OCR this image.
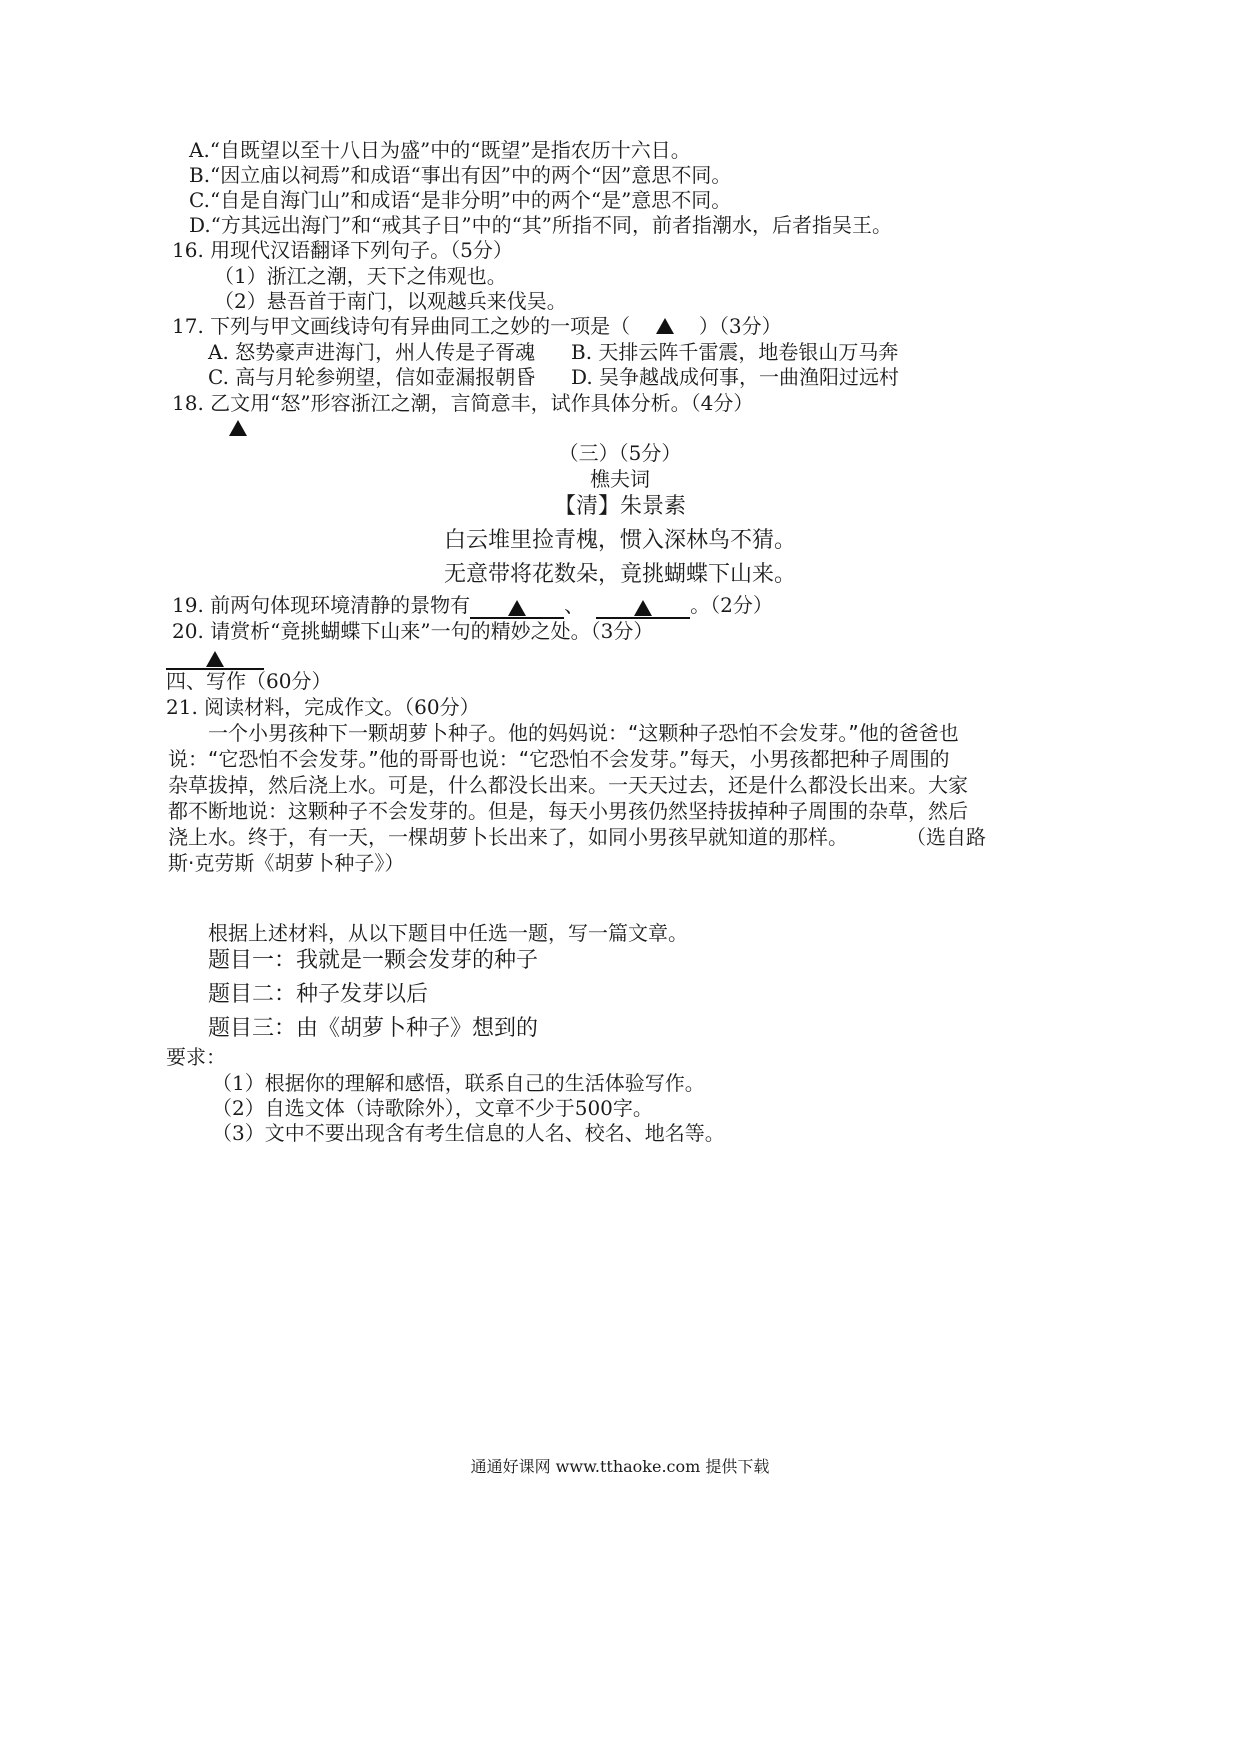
A.“自既望以至十八日为盛”中的“既望”是指农历十六日。
B.“因立庙以祠焉”和成语“事出有因”中的两个“因”意思不同。
C.“自是自海门山”和成语“是非分明”中的两个“是”意思不同。
D.“方其远出海门”和“戒其子日”中的“其”所指不同，前者指潮水，后者指吴王。
16. 用现代汉语翻译下列句子。（5分）
（1）浙江之潮，天下之伟观也。
（2）悬吾首于南门，以观越兵来伐吴。
17. 下列与甲文画线诗句有异曲同工之妙的一项是（	）（3分）
A. 怒势豪声进海门，州人传是子胥魂 B. 天排云阵千雷震，地卷银山万马奔
C. 高与月轮参朔望，信如壶漏报朝昏 D. 吴争越战成何事，一曲渔阳过远村
18. 乙文用“怒”形容浙江之潮，言简意丰，试作具体分析。（4分）
（三）（5分）
樵夫词
【清】朱景素
白云堆里捡青槐，惯入深林鸟不猜。
无意带将花数朵，竟挑蝴蝶下山来。
19. 前两句体现环境清静的景物有	、	。（2分）
20. 请赏析“竟挑蝴蝶下山来”一句的精妙之处。（3分）
四、写作（60分）
21. 阅读材料，完成作文。（60分）
一个小男孩种下一颗胡萝卜种子。他的妈妈说：“这颗种子恐怕不会发芽。”他的爸爸也
说：“它恐怕不会发芽。”他的哥哥也说：“它恐怕不会发芽。”每天，小男孩都把种子周围的
杂草拔掉，然后浇上水。可是，什么都没长出来。一天天过去，还是什么都没长出来。大家
都不断地说：这颗种子不会发芽的。但是，每天小男孩仍然坚持拔掉种子周围的杂草，然后
浇上水。终于，有一天，一棵胡萝卜长出来了，如同小男孩早就知道的那样。	（选自路
斯·克劳斯《胡萝卜种子》）
根据上述材料，从以下题目中任选一题，写一篇文章。
题目一：我就是一颗会发芽的种子
题目二：种子发芽以后
题目三：由《胡萝卜种子》想到的
要求：
（1）根据你的理解和感悟，联系自己的生活体验写作。
（2）自选文体（诗歌除外），文章不少于500字。
（3）文中不要出现含有考生信息的人名、校名、地名等。
通通好课网 www.tthaoke.com 提供下载
